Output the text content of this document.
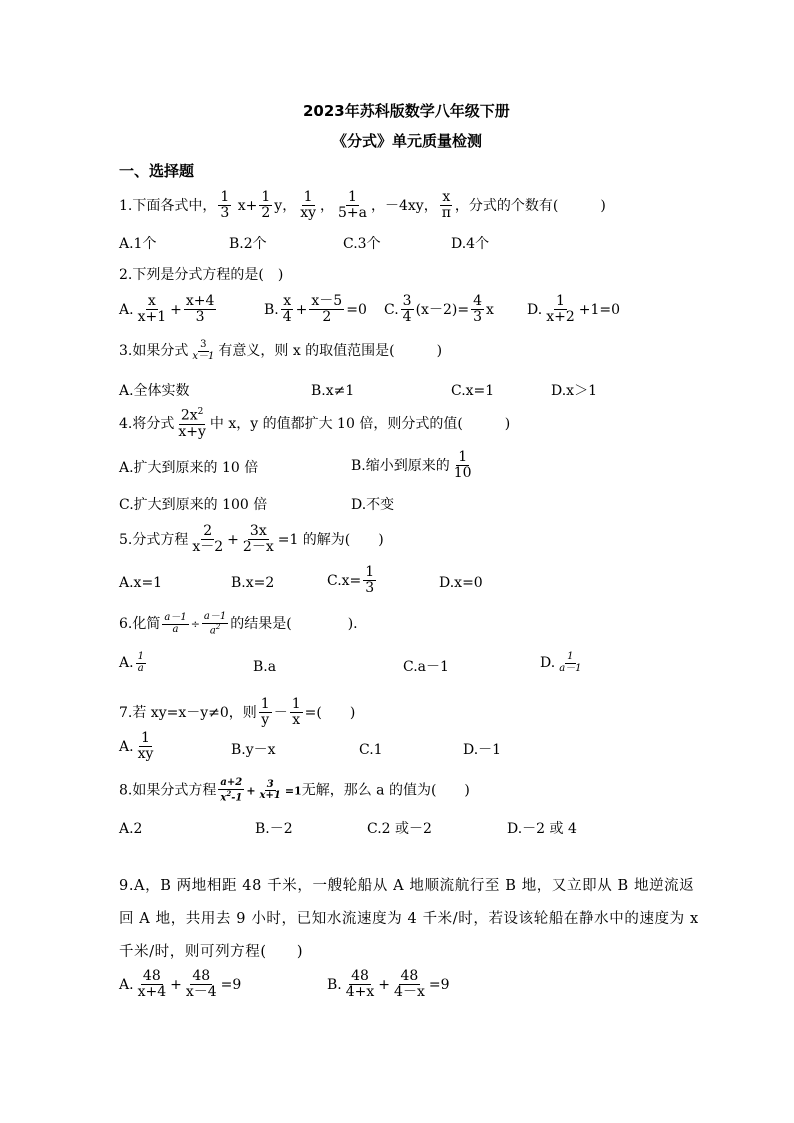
2023年苏科版数学八年级下册
《分式》单元质量检测
一、选择题
1.下面各式中， $\frac{1}{3} x+ \frac{1}{2}$ y， $\frac{1}{xy}$ ， $\frac{1}{5+a}$ ，－4xy， $\frac{x}{\pi}$ ，分式的个数有(　　　)
A.1个	B.2个	C.3个	D.4个
2.下列是分式方程的是(　)
A. $\frac{x}{x+1} + \frac{x+4}{3}$	B. $\frac{x}{4} + \frac{x-5}{2} =0$ C. $\frac{3}{4} (x-2)= \frac{4}{3}$ x D. $\frac{1}{x+2} +1=0$
3.如果分式 $\frac{3}{x-1}$ 有意义，则 x 的取值范围是(　　　)
A.全体实数	B.x≠1	C.x=1	D.x＞1
4.将分式 $\frac{2x^2}{x+y}$ 中 x，y 的值都扩大 10 倍，则分式的值(　　　)
A.扩大到原来的 10 倍	B.缩小到原来的 $\frac{1}{10}$
C.扩大到原来的 100 倍	D.不变
5.分式方程 $\frac{2}{x-2} + \frac{3x}{2-x} =1$ 的解为(　　)
A.x=1	B.x=2	$C.x= \frac{1}{3}$	D.x=0
6.化简 $\frac{a-1}{a} \div \frac{a-1}{a^2}$ 的结果是(　　　　).
A. $\frac{1}{a}$	B.a	C.a－1	D. $\frac{1}{a-1}$
7.若 xy=x－y≠0，则 $\frac{1}{y} - \frac{1}{x}$ =(　　)
A. $\frac{1}{xy}$	B.y－x	C.1	D.－1
8.如果分式方程 $\frac{a+2}{x^2-1} + \frac{3}{x+1} =1$无解，那么 a 的值为(　　)
A.2	B.－2	C.2 或－2	D.－2 或 4
9.A，B 两地相距 48 千米，一艘轮船从 A 地顺流航行至 B 地，又立即从 B 地逆流返回 A 地，共用去 9 小时，已知水流速度为 4 千米/时，若设该轮船在静水中的速度为 x 千米/时，则可列方程(　　)
A. $\frac{48}{x+4} + \frac{48}{x-4} =9$	B. $\frac{48}{4+x} + \frac{48}{4-x} =9$
